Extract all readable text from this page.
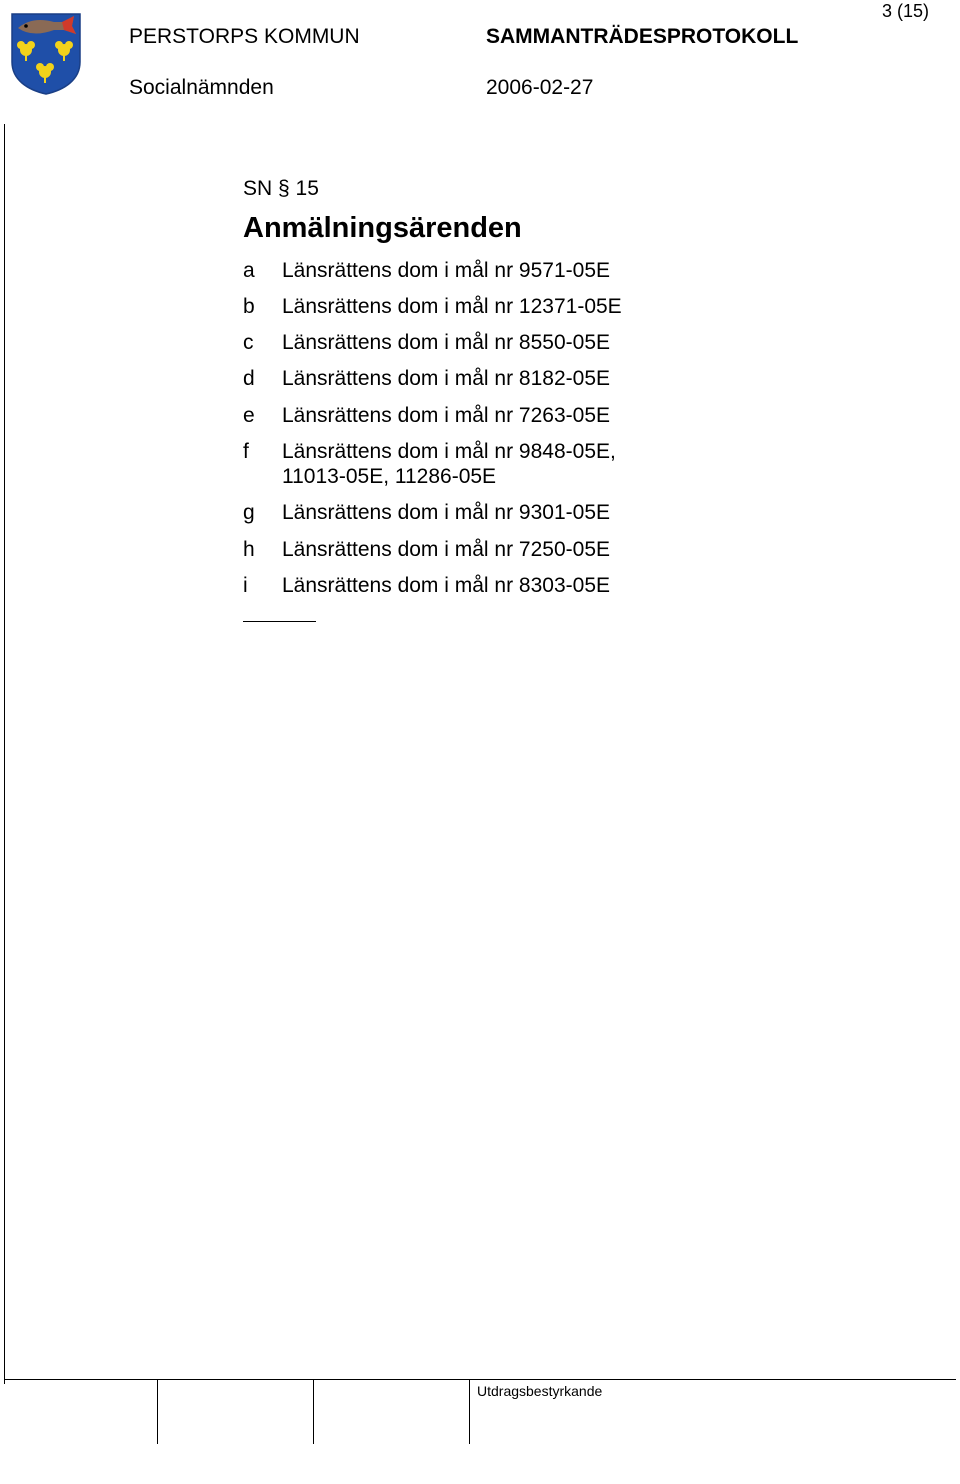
PERSTORPS KOMMUN	SAMMANTRÄDESPROTOKOLL
Socialnämnden	2006-02-27
3 (15)
SN § 15
Anmälningsärenden
a	Länsrättens dom i mål nr 9571-05E
b	Länsrättens dom i mål nr 12371-05E
c	Länsrättens dom i mål nr 8550-05E
d	Länsrättens dom i mål nr 8182-05E
e	Länsrättens dom i mål nr 7263-05E
f	Länsrättens dom i mål nr 9848-05E, 11013-05E, 11286-05E
g	Länsrättens dom i mål nr 9301-05E
h	Länsrättens dom i mål nr 7250-05E
i	Länsrättens dom i mål nr 8303-05E
Utdragsbestyrkande
